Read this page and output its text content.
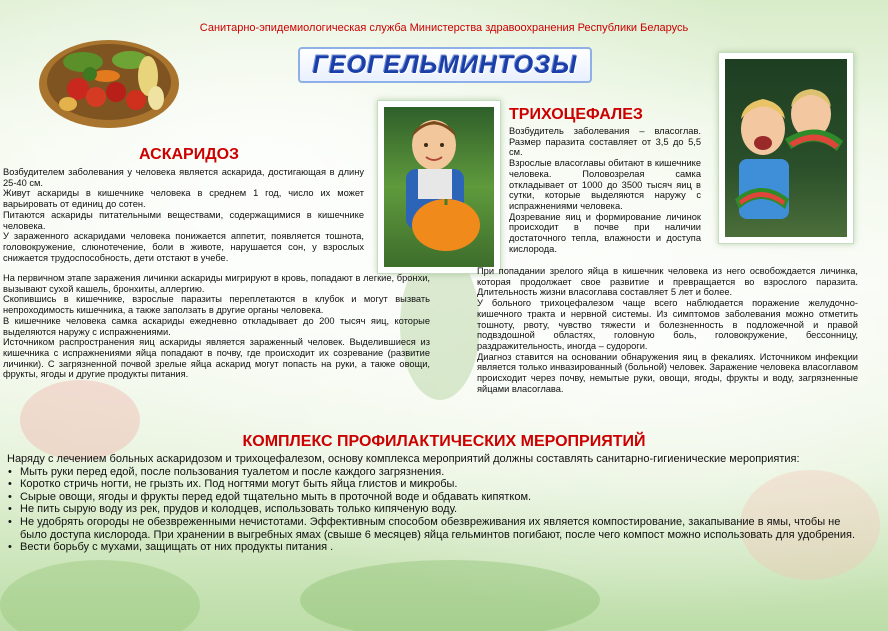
Санитарно-эпидемиологическая служба Министерства здравоохранения Республики Беларусь
ГЕОГЕЛЬМИНТОЗЫ
АСКАРИДОЗ

Возбудителем заболевания у человека является аскарида, достигающая в длину 25-40 см.

Живут аскариды в кишечнике человека в среднем 1 год, число их может варьировать от единиц до сотен.

Питаются аскариды питательными веществами, содержащимися в кишечнике человека.

У зараженного аскаридами человека понижается аппетит, появляется тошнота, головокружение, слюнотечение, боли в животе, нарушается сон, у взрослых снижается трудоспособность, дети отстают в учебе.

На первичном этапе заражения личинки аскариды мигрируют в кровь, попадают в легкие, бронхи, вызывают сухой кашель, бронхиты, аллергию.

Скопившись в кишечнике, взрослые паразиты переплетаются в клубок и могут вызвать непроходимость кишечника, а также заползать в другие органы человека.

В кишечнике человека самка аскариды ежедневно откладывает до 200 тысяч яиц, которые выделяются наружу с испражнениями.

Источником распространения яиц аскариды является зараженный человек. Выделившиеся из кишечника с испражнениями яйца попадают в почву, где происходит их созревание (развитие личинки). С загрязненной почвой зрелые яйца аскарид могут попасть на руки, а также овощи, фрукты, ягоды и другие продукты питания.

ТРИХОЦЕФАЛЕЗ

Возбудитель заболевания – власоглав. Размер паразита составляет от 3,5 до 5,5 см.

Взрослые власоглавы обитают в кишечнике человека. Половозрелая самка откладывает от 1000 до 3500 тысяч яиц в сутки, которые выделяются наружу с испражнениями человека.

Дозревание яиц и формирование личинок происходит в почве при наличии достаточного тепла, влажности и доступа кислорода.

При попадании зрелого яйца в кишечник человека из него освобождается личинка, которая продолжает свое развитие и превращается во взрослого паразита. Длительность жизни власоглава составляет 5 лет и более.

У больного трихоцефалезом чаще всего наблюдается поражение желудочно-кишечного тракта и нервной системы. Из симптомов заболевания можно отметить тошноту, рвоту, чувство тяжести и болезненность в подложечной и правой подвздошной областях, головную боль, головокружение, бессонницу, раздражительность, иногда – судороги.

Диагноз ставится на основании обнаружения яиц в фекалиях. Источником инфекции является только инвазированный (больной) человек. Заражение человека власоглавом происходит через почву, немытые руки, овощи, ягоды, фрукты и воду, загрязненные яйцами власоглава.

КОМПЛЕКС ПРОФИЛАКТИЧЕСКИХ МЕРОПРИЯТИЙ
Наряду с лечением больных аскаридозом и трихоцефалезом, основу комплекса мероприятий должны составлять санитарно-гигиенические мероприятия:
• Мыть руки перед едой, после пользования туалетом и после каждого загрязнения.
• Коротко стричь ногти, не грызть их. Под ногтями могут быть яйца глистов и микробы.
• Сырые овощи, ягоды и фрукты перед едой тщательно мыть в проточной воде и обдавать кипятком.
• Не пить сырую воду из рек, прудов и колодцев, использовать только кипяченую воду.
• Не удобрять огороды не обезвреженными нечистотами. Эффективным способом обезвреживания их является компостирование, закапывание в ямы, чтобы не было доступа кислорода. При хранении в выгребных ямах (свыше 6 месяцев) яйца гельминтов погибают, после чего компост можно использовать для удобрения.
• Вести борьбу с мухами, защищать от них продукты питания .
